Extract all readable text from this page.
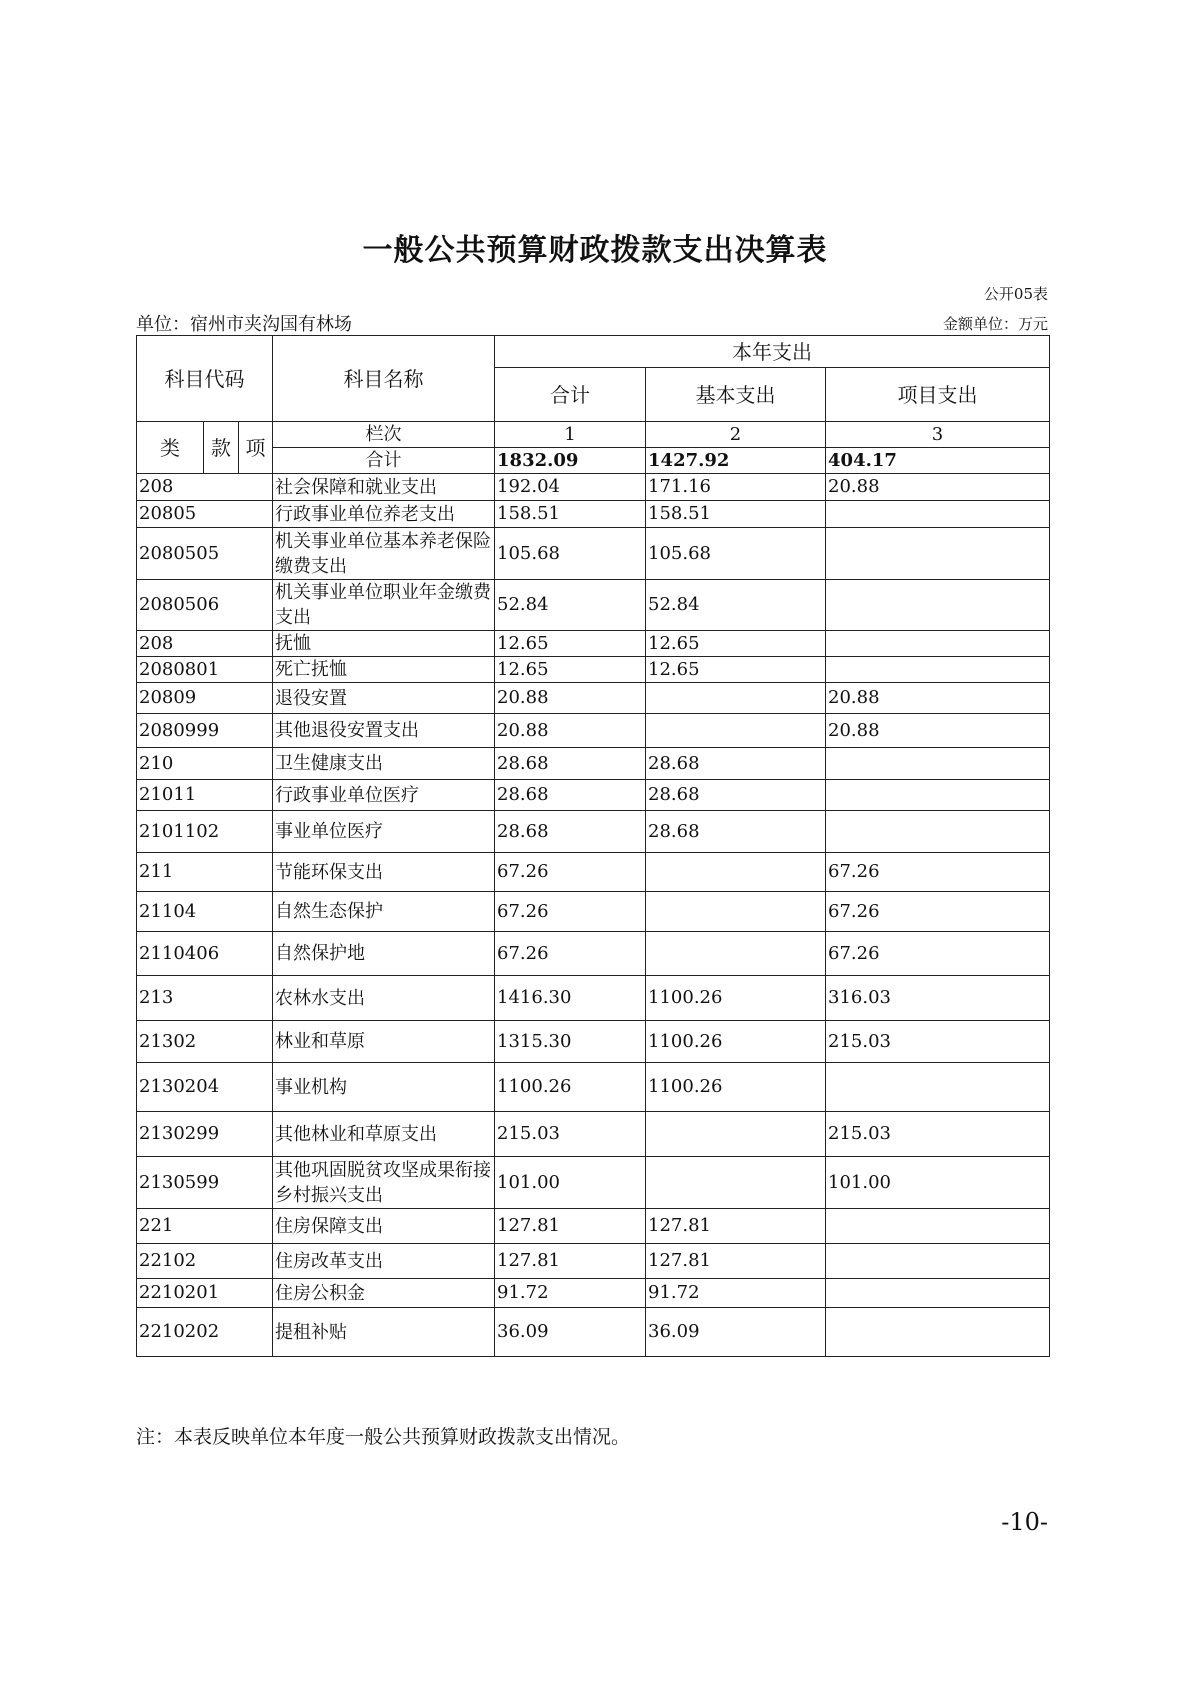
一般公共预算财政拨款支出决算表
公开05表
单位：宿州市夹沟国有林场	金额单位：万元
科目代码			科目名称	本年支出		
				合计	基本支出	项目支出
类	款	项	栏次	1	2	3
			合计	1832.09	1427.92	404.17
208			社会保障和就业支出	192.04	171.16	20.88
20805			行政事业单位养老支出	158.51	158.51	
2080505			机关事业单位基本养老保险缴费支出	105.68	105.68	
2080506			机关事业单位职业年金缴费支出	52.84	52.84	
208			抚恤	12.65	12.65	
2080801			死亡抚恤	12.65	12.65	
20809			退役安置	20.88		20.88
2080999			其他退役安置支出	20.88		20.88
210			卫生健康支出	28.68	28.68	
21011			行政事业单位医疗	28.68	28.68	
2101102			事业单位医疗	28.68	28.68	
211			节能环保支出	67.26		67.26
21104			自然生态保护	67.26		67.26
2110406			自然保护地	67.26		67.26
213			农林水支出	1416.30	1100.26	316.03
21302			林业和草原	1315.30	1100.26	215.03
2130204			事业机构	1100.26	1100.26	
2130299			其他林业和草原支出	215.03		215.03
2130599			其他巩固脱贫攻坚成果衔接乡村振兴支出	101.00		101.00
221			住房保障支出	127.81	127.81	
22102			住房改革支出	127.81	127.81	
2210201			住房公积金	91.72	91.72	
2210202			提租补贴	36.09	36.09	
注：本表反映单位本年度一般公共预算财政拨款支出情况。
-10-
